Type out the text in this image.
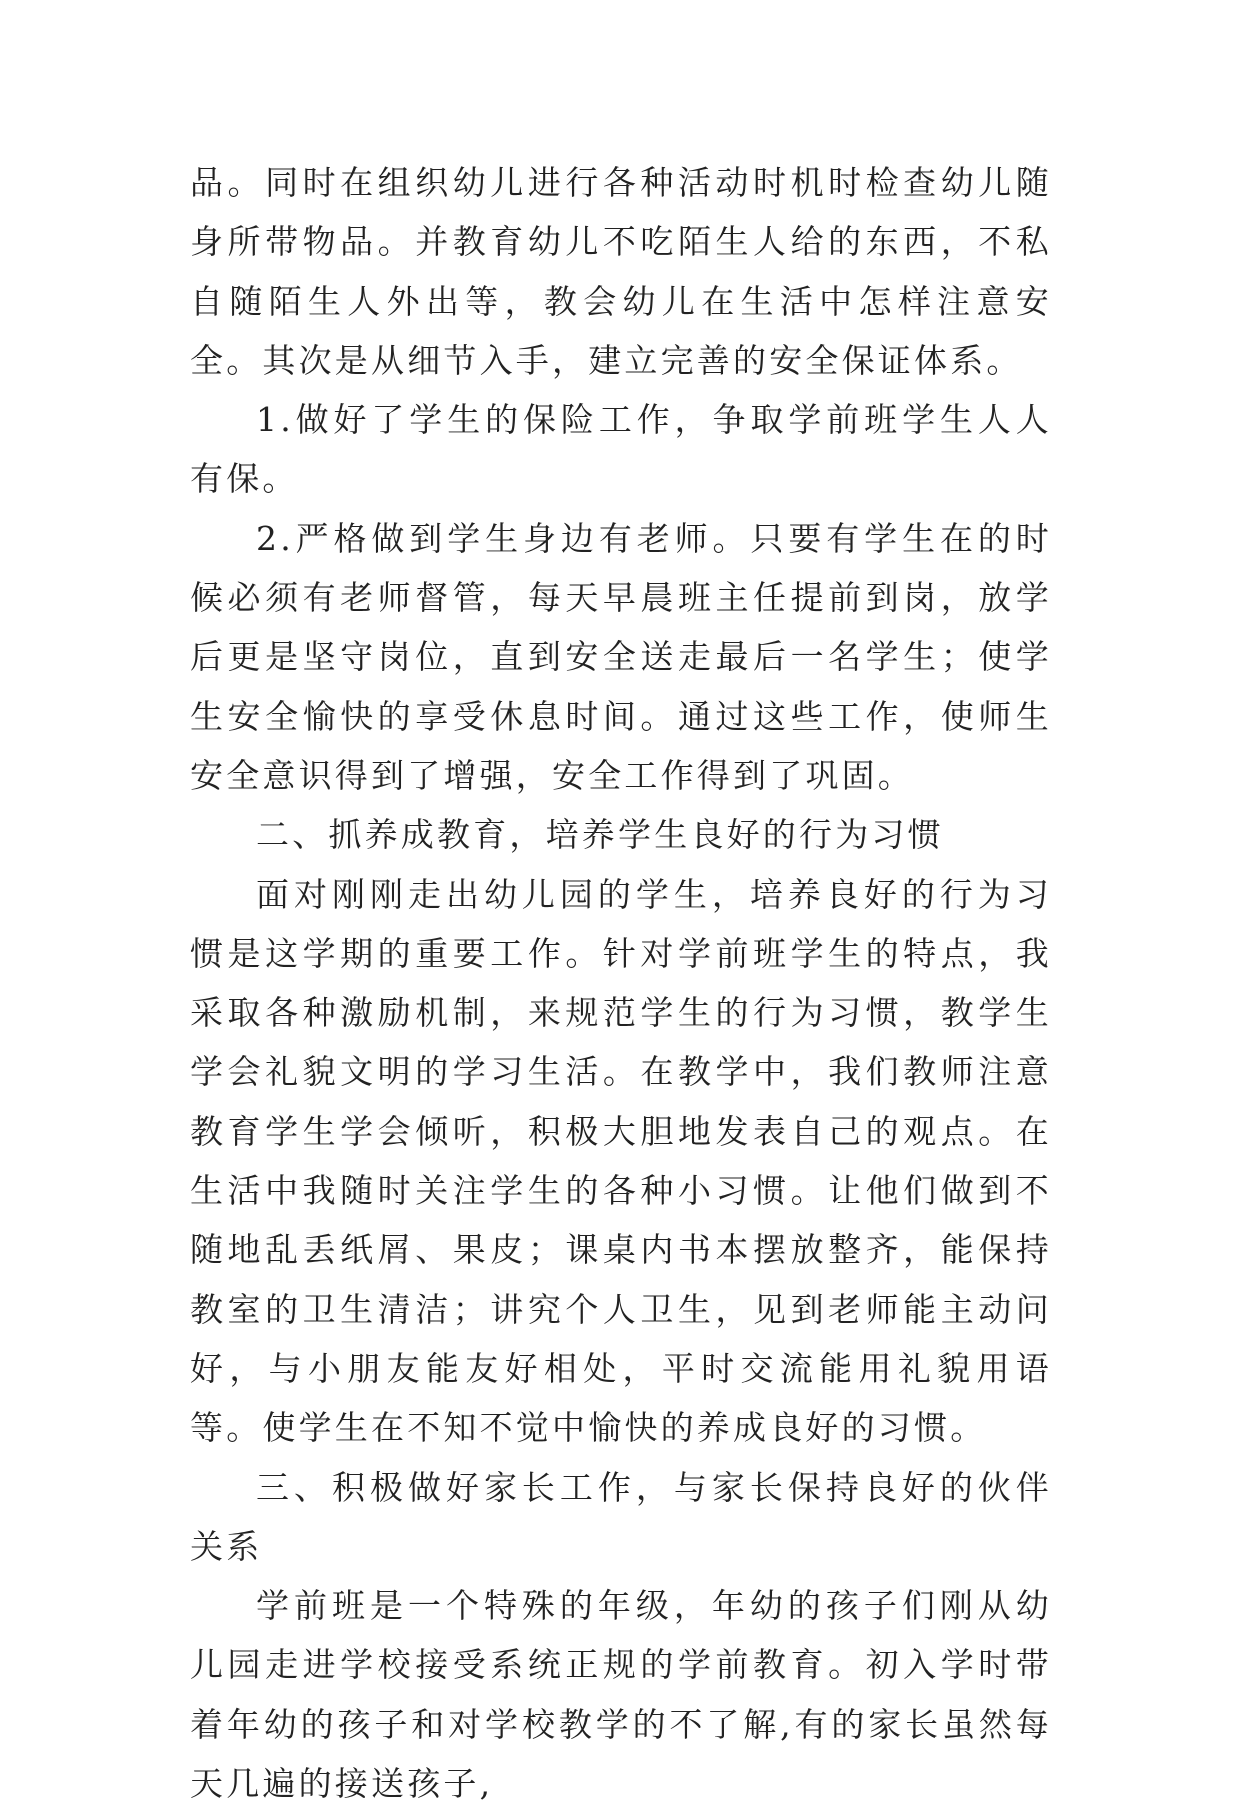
品。同时在组织幼儿进行各种活动时机时检查幼儿随身所带物品。并教育幼儿不吃陌生人给的东西，不私自随陌生人外出等，教会幼儿在生活中怎样注意安全。其次是从细节入手，建立完善的安全保证体系。

1.做好了学生的保险工作，争取学前班学生人人有保。

2.严格做到学生身边有老师。只要有学生在的时候必须有老师督管，每天早晨班主任提前到岗，放学后更是坚守岗位，直到安全送走最后一名学生；使学生安全愉快的享受休息时间。通过这些工作，使师生安全意识得到了增强，安全工作得到了巩固。

二、抓养成教育，培养学生良好的行为习惯

面对刚刚走出幼儿园的学生，培养良好的行为习惯是这学期的重要工作。针对学前班学生的特点，我采取各种激励机制，来规范学生的行为习惯，教学生学会礼貌文明的学习生活。在教学中，我们教师注意教育学生学会倾听，积极大胆地发表自己的观点。在生活中我随时关注学生的各种小习惯。让他们做到不随地乱丢纸屑、果皮；课桌内书本摆放整齐，能保持教室的卫生清洁；讲究个人卫生，见到老师能主动问好，与小朋友能友好相处，平时交流能用礼貌用语等。使学生在不知不觉中愉快的养成良好的习惯。

三、积极做好家长工作，与家长保持良好的伙伴关系

学前班是一个特殊的年级，年幼的孩子们刚从幼儿园走进学校接受系统正规的学前教育。初入学时带着年幼的孩子和对学校教学的不了解,有的家长虽然每天几遍的接送孩子,
